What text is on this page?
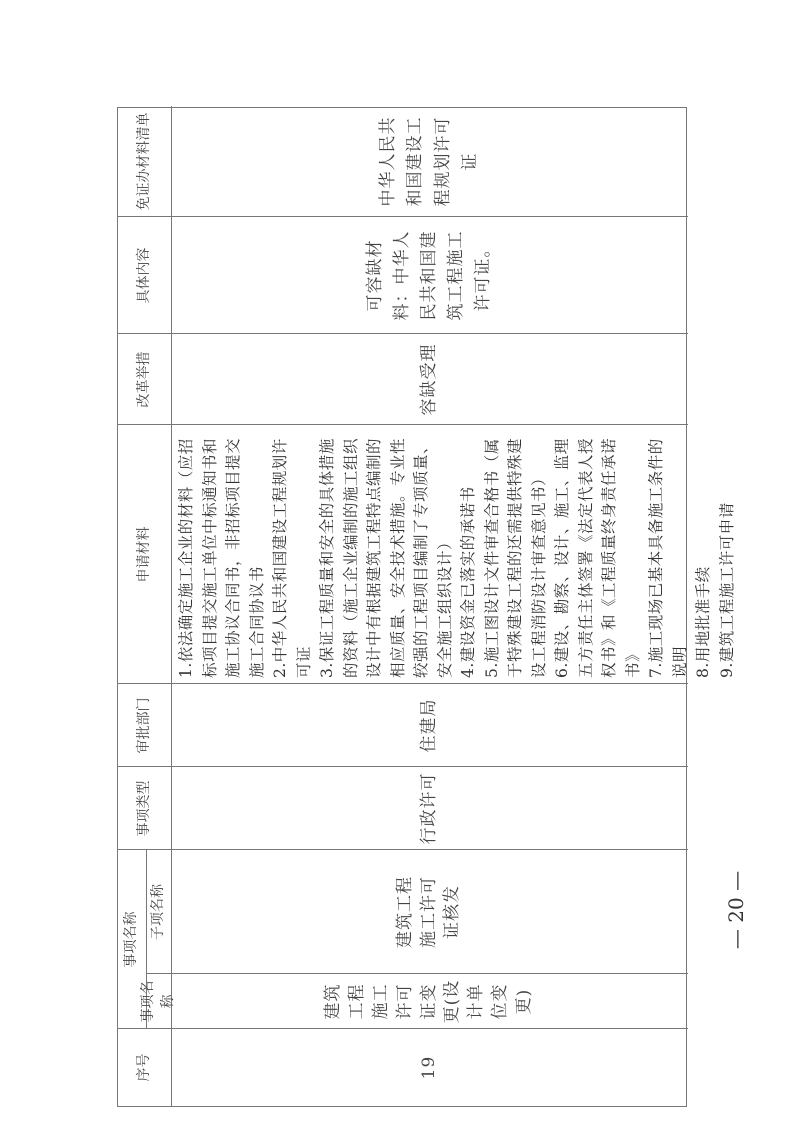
序号
事项名称
事项名称
子项名称
事项类型
审批部门
申请材料
改革举措
具体内容
免证办材料清单
19
建筑工程施工许可证变更(设计单位变更)
建筑工程施工许可证核发
行政许可
住建局
1.依法确定施工企业的材料（应招标项目提交施工单位中标通知书和施工协议合同书，非招标项目提交施工合同协议书
2.中华人民共和国建设工程规划许可证
3.保证工程质量和安全的具体措施的资料（施工企业编制的施工组织设计中有根据建筑工程特点编制的相应质量、安全技术措施。专业性较强的工程项目编制了专项质量、安全施工组织设计）
4.建设资金已落实的承诺书
5.施工图设计文件审查合格书（属于特殊建设工程的还需提供特殊建设工程消防设计审查意见书）
6.建设、勘察、设计、施工、监理五方责任主体签署《法定代表人授权书》和《工程质量终身责任承诺书》
7.施工现场已基本具备施工条件的说明
8.用地批准手续
9.建筑工程施工许可申请
容缺受理
可容缺材料：中华人民共和国建筑工程施工许可证。
中华人民共和国建设工程规划许可证
— 20 —
